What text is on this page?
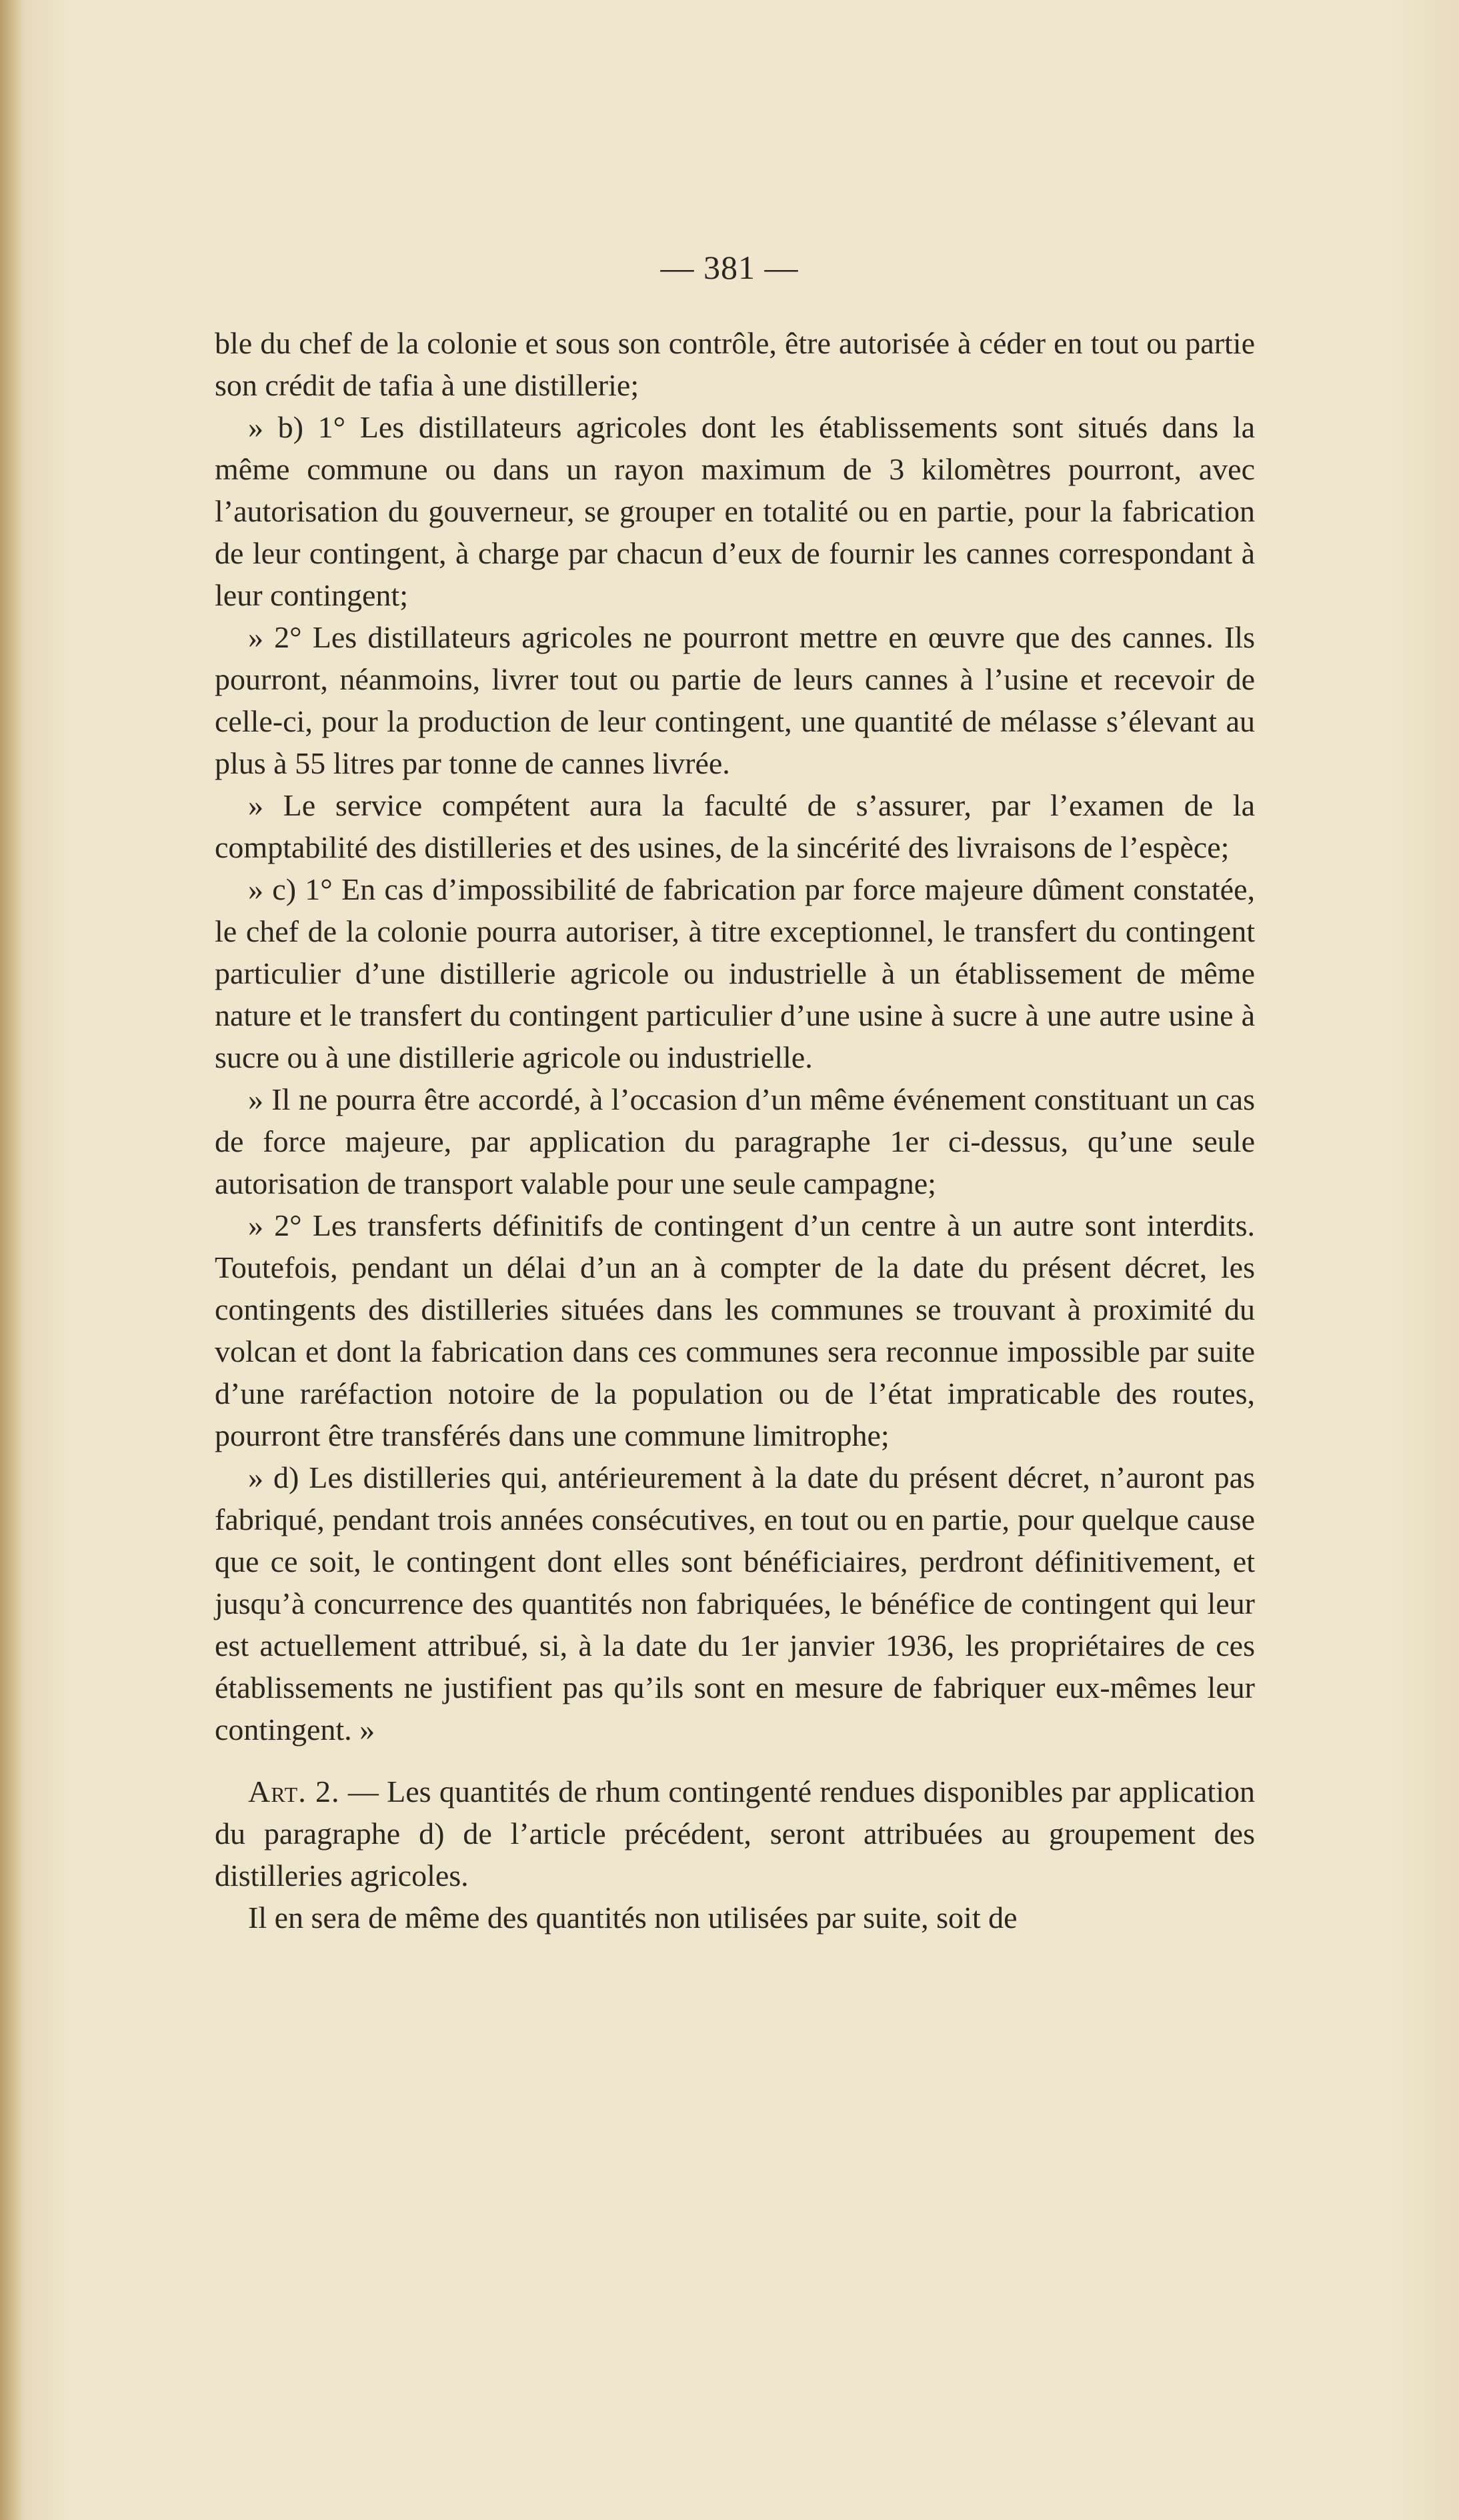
— 381 —

ble du chef de la colonie et sous son contrôle, être autorisée à céder en tout ou partie son crédit de tafia à une distillerie;

» b) 1° Les distillateurs agricoles dont les établissements sont situés dans la même commune ou dans un rayon maximum de 3 kilomètres pourront, avec l’autorisation du gouverneur, se grouper en totalité ou en partie, pour la fabrication de leur contingent, à charge par chacun d’eux de fournir les cannes correspondant à leur contingent;

» 2° Les distillateurs agricoles ne pourront mettre en œuvre que des cannes. Ils pourront, néanmoins, livrer tout ou partie de leurs cannes à l’usine et recevoir de celle-ci, pour la production de leur contingent, une quantité de mélasse s’élevant au plus à 55 litres par tonne de cannes livrée.

» Le service compétent aura la faculté de s’assurer, par l’examen de la comptabilité des distilleries et des usines, de la sincérité des livraisons de l’espèce;

» c) 1° En cas d’impossibilité de fabrication par force majeure dûment constatée, le chef de la colonie pourra autoriser, à titre exceptionnel, le transfert du contingent particulier d’une distillerie agricole ou industrielle à un établissement de même nature et le transfert du contingent particulier d’une usine à sucre à une autre usine à sucre ou à une distillerie agricole ou industrielle.

» Il ne pourra être accordé, à l’occasion d’un même événement constituant un cas de force majeure, par application du paragraphe 1er ci-dessus, qu’une seule autorisation de transport valable pour une seule campagne;

» 2° Les transferts définitifs de contingent d’un centre à un autre sont interdits. Toutefois, pendant un délai d’un an à compter de la date du présent décret, les contingents des distilleries situées dans les communes se trouvant à proximité du volcan et dont la fabrication dans ces communes sera reconnue impossible par suite d’une raréfaction notoire de la population ou de l’état impraticable des routes, pourront être transférés dans une commune limitrophe;

» d) Les distilleries qui, antérieurement à la date du présent décret, n’auront pas fabriqué, pendant trois années consécutives, en tout ou en partie, pour quelque cause que ce soit, le contingent dont elles sont bénéficiaires, perdront définitivement, et jusqu’à concurrence des quantités non fabriquées, le bénéfice de contingent qui leur est actuellement attribué, si, à la date du 1er janvier 1936, les propriétaires de ces établissements ne justifient pas qu’ils sont en mesure de fabriquer eux-mêmes leur contingent. »

Art. 2. — Les quantités de rhum contingenté rendues disponibles par application du paragraphe d) de l’article précédent, seront attribuées au groupement des distilleries agricoles.

Il en sera de même des quantités non utilisées par suite, soit de
